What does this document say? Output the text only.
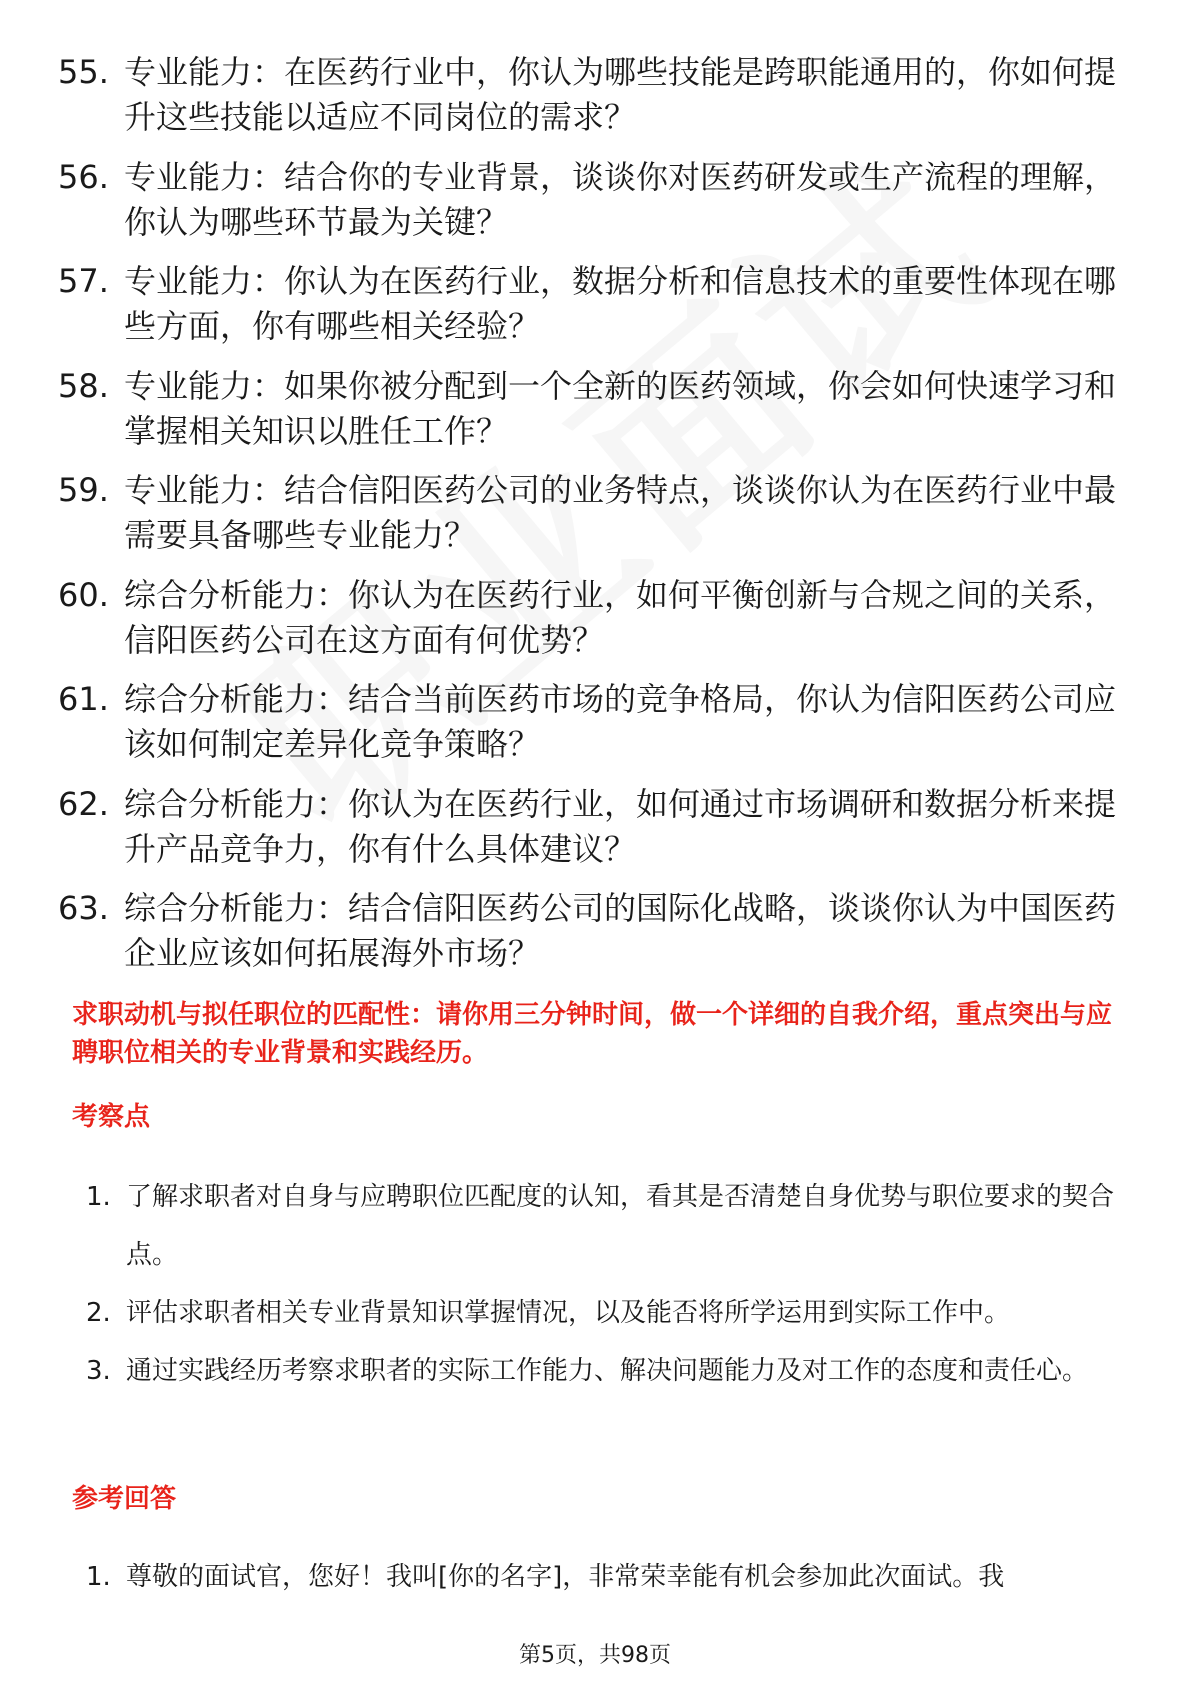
55. 专业能力：在医药行业中，你认为哪些技能是跨职能通用的，你如何提升这些技能以适应不同岗位的需求？
56. 专业能力：结合你的专业背景，谈谈你对医药研发或生产流程的理解，你认为哪些环节最为关键？
57. 专业能力：你认为在医药行业，数据分析和信息技术的重要性体现在哪些方面，你有哪些相关经验？
58. 专业能力：如果你被分配到一个全新的医药领域，你会如何快速学习和掌握相关知识以胜任工作？
59. 专业能力：结合信阳医药公司的业务特点，谈谈你认为在医药行业中最需要具备哪些专业能力？
60. 综合分析能力：你认为在医药行业，如何平衡创新与合规之间的关系，信阳医药公司在这方面有何优势？
61. 综合分析能力：结合当前医药市场的竞争格局，你认为信阳医药公司应该如何制定差异化竞争策略？
62. 综合分析能力：你认为在医药行业，如何通过市场调研和数据分析来提升产品竞争力，你有什么具体建议？
63. 综合分析能力：结合信阳医药公司的国际化战略，谈谈你认为中国医药企业应该如何拓展海外市场？
求职动机与拟任职位的匹配性：请你用三分钟时间，做一个详细的自我介绍，重点突出与应聘职位相关的专业背景和实践经历。
考察点
1. 了解求职者对自身与应聘职位匹配度的认知，看其是否清楚自身优势与职位要求的契合点。
2. 评估求职者相关专业背景知识掌握情况，以及能否将所学运用到实际工作中。
3. 通过实践经历考察求职者的实际工作能力、解决问题能力及对工作的态度和责任心。
参考回答
1. 尊敬的面试官，您好！我叫[你的名字]，非常荣幸能有机会参加此次面试。我
第5页，共98页
